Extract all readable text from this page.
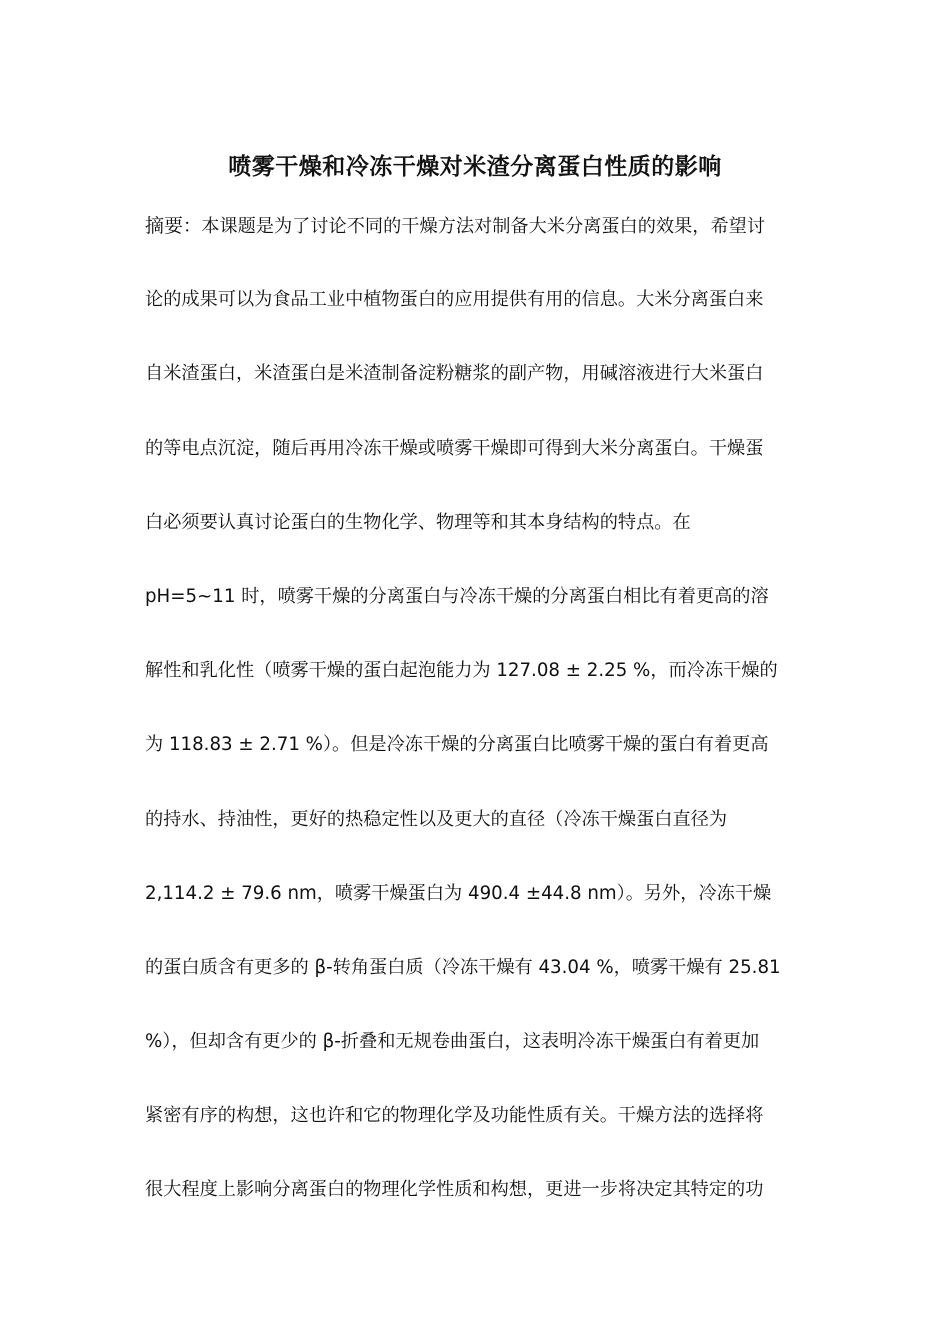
喷雾干燥和冷冻干燥对米渣分离蛋白性质的影响
摘要：本课题是为了讨论不同的干燥方法对制备大米分离蛋白的效果，希望讨
论的成果可以为食品工业中植物蛋白的应用提供有用的信息。大米分离蛋白来
自米渣蛋白，米渣蛋白是米渣制备淀粉糖浆的副产物，用碱溶液进行大米蛋白
的等电点沉淀，随后再用冷冻干燥或喷雾干燥即可得到大米分离蛋白。干燥蛋
白必须要认真讨论蛋白的生物化学、物理等和其本身结构的特点。在
pH=5~11 时，喷雾干燥的分离蛋白与冷冻干燥的分离蛋白相比有着更高的溶
解性和乳化性（喷雾干燥的蛋白起泡能力为 127.08 ± 2.25 %，而冷冻干燥的
为 118.83 ± 2.71 %）。但是冷冻干燥的分离蛋白比喷雾干燥的蛋白有着更高
的持水、持油性，更好的热稳定性以及更大的直径（冷冻干燥蛋白直径为
2,114.2 ± 79.6 nm，喷雾干燥蛋白为 490.4 ±44.8 nm）。另外，冷冻干燥
的蛋白质含有更多的 β-转角蛋白质（冷冻干燥有 43.04 %，喷雾干燥有 25.81
%），但却含有更少的 β-折叠和无规卷曲蛋白，这表明冷冻干燥蛋白有着更加
紧密有序的构想，这也许和它的物理化学及功能性质有关。干燥方法的选择将
很大程度上影响分离蛋白的物理化学性质和构想，更进一步将决定其特定的功
